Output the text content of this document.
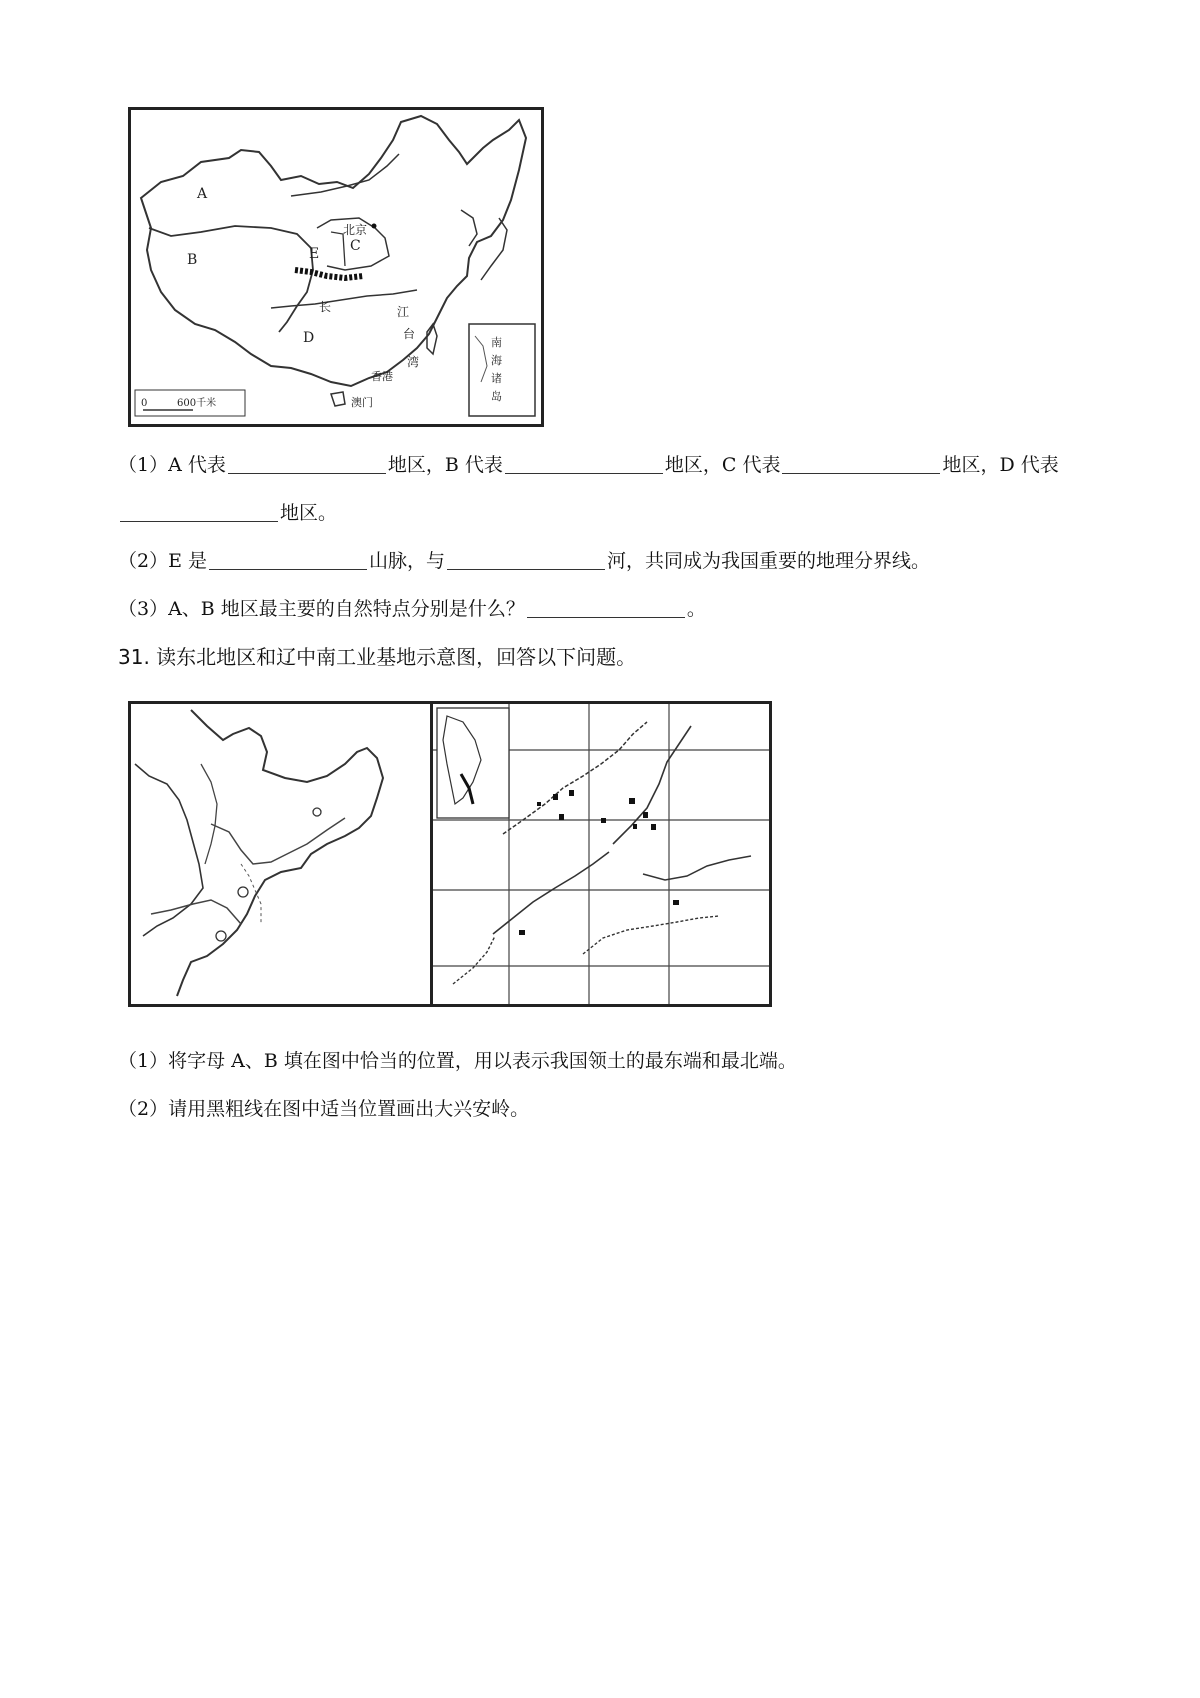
A
B
C
D
E
北京
长	江
台
湾
香港
澳门
南
海
诸
岛
0	600千米
（1）A 代表	地区，B 代表	地区，C 代表	地区，D 代表
地区。
（2）E 是	山脉，与	河，共同成为我国重要的地理分界线。
（3）A、B 地区最主要的自然特点分别是什么？	。
31. 读东北地区和辽中南工业基地示意图，回答以下问题。
（1）将字母 A、B 填在图中恰当的位置，用以表示我国领土的最东端和最北端。
（2）请用黑粗线在图中适当位置画出大兴安岭。
